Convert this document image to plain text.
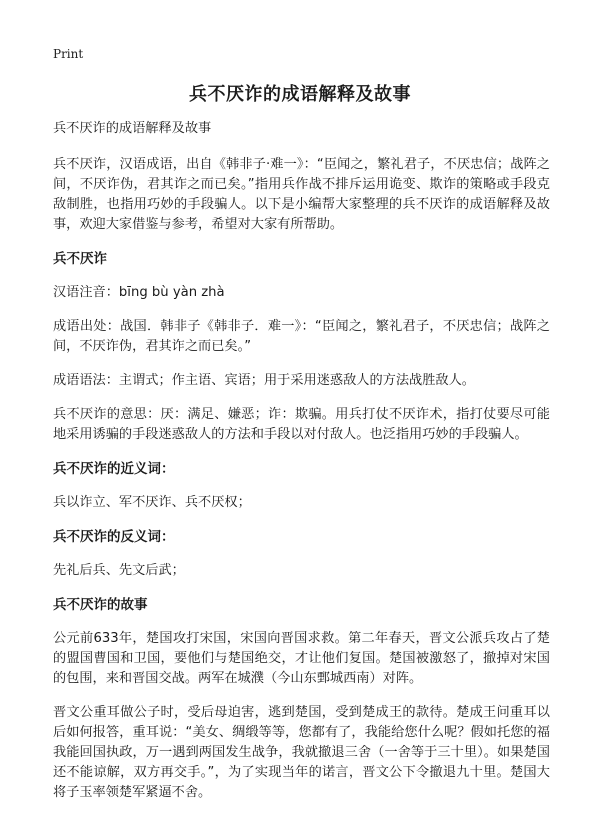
Print
兵不厌诈的成语解释及故事

兵不厌诈的成语解释及故事

兵不厌诈，汉语成语，出自《韩非子·难一》：“臣闻之，繁礼君子，不厌忠信；战阵之间，不厌诈伪，君其诈之而已矣。”指用兵作战不排斥运用诡变、欺诈的策略或手段克敌制胜，也指用巧妙的手段骗人。以下是小编帮大家整理的兵不厌诈的成语解释及故事，欢迎大家借鉴与参考，希望对大家有所帮助。

兵不厌诈

汉语注音：bīng bù yàn zhà

成语出处：战国．韩非子《韩非子．难一》：“臣闻之，繁礼君子，不厌忠信；战阵之间，不厌诈伪，君其诈之而已矣。”

成语语法：主谓式；作主语、宾语；用于采用迷惑敌人的方法战胜敌人。

兵不厌诈的意思：厌：满足、嫌恶；诈：欺骗。用兵打仗不厌诈术，指打仗要尽可能地采用诱骗的手段迷惑敌人的方法和手段以对付敌人。也泛指用巧妙的手段骗人。

兵不厌诈的近义词：

兵以诈立、军不厌诈、兵不厌权；

兵不厌诈的反义词：

先礼后兵、先文后武；

兵不厌诈的故事

公元前633年，楚国攻打宋国，宋国向晋国求救。第二年春天，晋文公派兵攻占了楚的盟国曹国和卫国，要他们与楚国绝交，才让他们复国。楚国被激怒了，撤掉对宋国的包围，来和晋国交战。两军在城濮（今山东鄄城西南）对阵。

晋文公重耳做公子时，受后母迫害，逃到楚国，受到楚成王的款待。楚成王问重耳以后如何报答，重耳说：“美女、绸缎等等，您都有了，我能给您什么呢？假如托您的福我能回国执政，万一遇到两国发生战争，我就撤退三舍（一舍等于三十里）。如果楚国还不能谅解，双方再交手。”，为了实现当年的诺言，晋文公下令撤退九十里。楚国大将子玉率领楚军紧逼不舍。
